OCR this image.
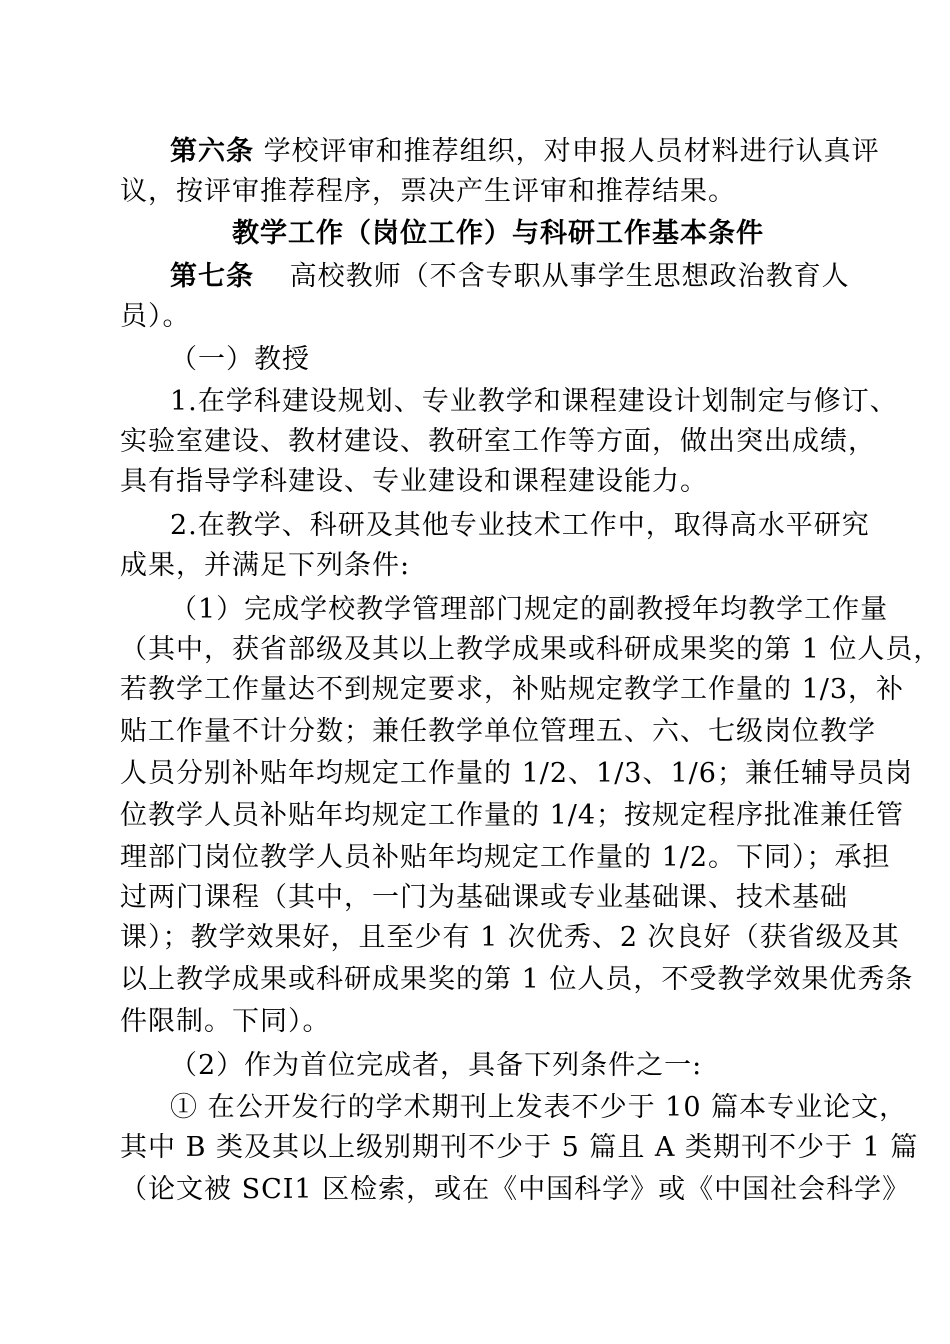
第六条 学校评审和推荐组织，对申报人员材料进行认真评
议，按评审推荐程序，票决产生评审和推荐结果。
教学工作（岗位工作）与科研工作基本条件
第七条 高校教师（不含专职从事学生思想政治教育人
员）。
（一）教授
1.在学科建设规划、专业教学和课程建设计划制定与修订、
实验室建设、教材建设、教研室工作等方面，做出突出成绩，
具有指导学科建设、专业建设和课程建设能力。
2.在教学、科研及其他专业技术工作中，取得高水平研究
成果，并满足下列条件:
（1）完成学校教学管理部门规定的副教授年均教学工作量
（其中，获省部级及其以上教学成果或科研成果奖的第 1 位人员，
若教学工作量达不到规定要求，补贴规定教学工作量的 1/3，补
贴工作量不计分数；兼任教学单位管理五、六、七级岗位教学
人员分别补贴年均规定工作量的 1/2、1/3、1/6；兼任辅导员岗
位教学人员补贴年均规定工作量的 1/4；按规定程序批准兼任管
理部门岗位教学人员补贴年均规定工作量的 1/2。下同）；承担
过两门课程（其中，一门为基础课或专业基础课、技术基础
课）；教学效果好，且至少有 1 次优秀、2 次良好（获省级及其
以上教学成果或科研成果奖的第 1 位人员，不受教学效果优秀条
件限制。下同）。
（2）作为首位完成者，具备下列条件之一:
① 在公开发行的学术期刊上发表不少于 10 篇本专业论文，
其中 B 类及其以上级别期刊不少于 5 篇且 A 类期刊不少于 1 篇
（论文被 SCI1 区检索，或在《中国科学》或《中国社会科学》
